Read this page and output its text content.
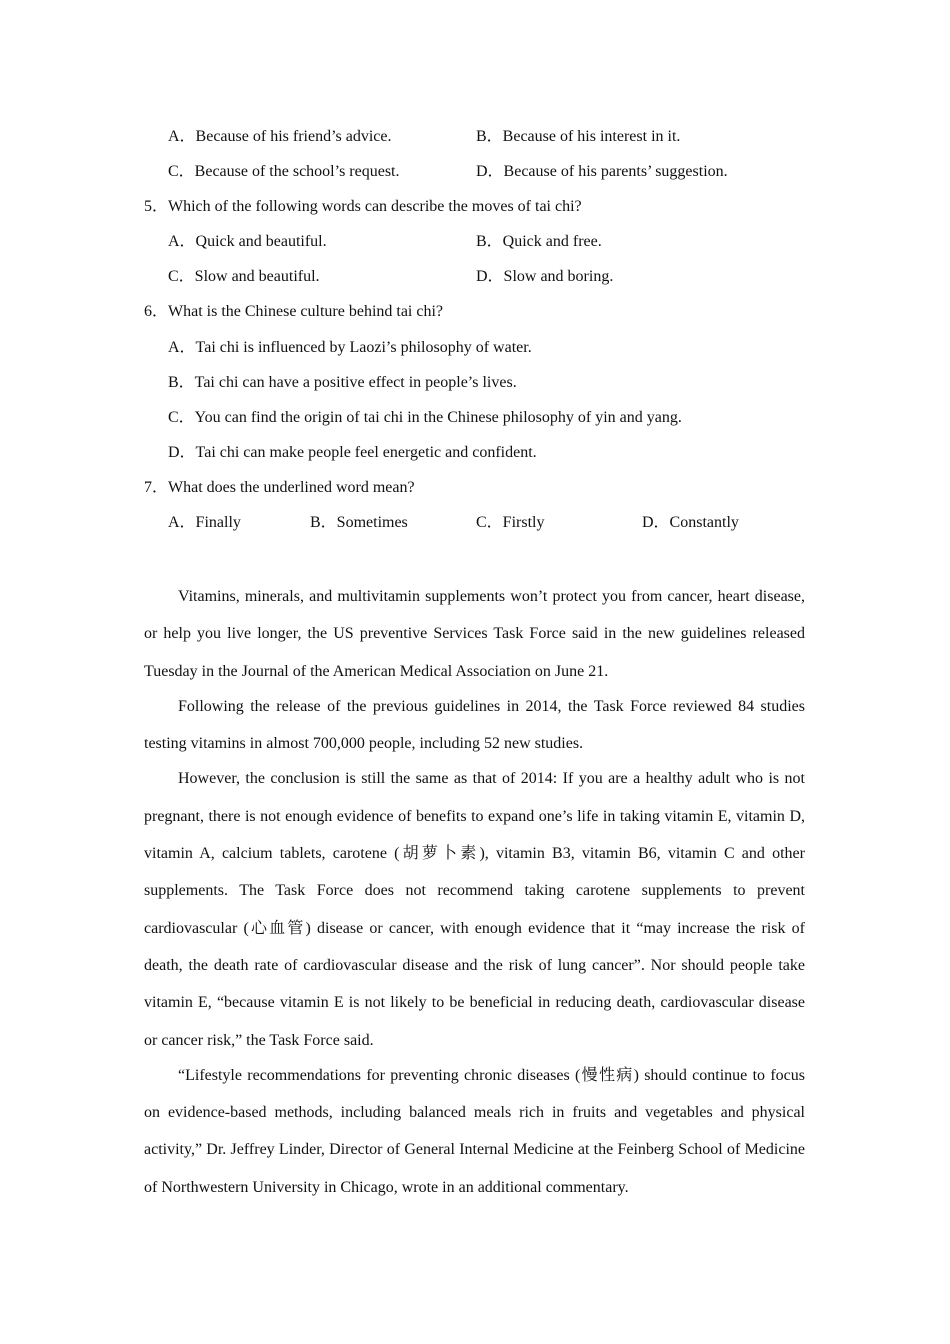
A．Because of his friend’s advice.	B．Because of his interest in it.
C．Because of the school’s request.	D．Because of his parents’ suggestion.
5．Which of the following words can describe the moves of tai chi?
A．Quick and beautiful.	B．Quick and free.
C．Slow and beautiful.	D．Slow and boring.
6．What is the Chinese culture behind tai chi?
A．Tai chi is influenced by Laozi’s philosophy of water.
B．Tai chi can have a positive effect in people’s lives.
C．You can find the origin of tai chi in the Chinese philosophy of yin and yang.
D．Tai chi can make people feel energetic and confident.
7．What does the underlined word mean?
A．Finally	B．Sometimes	C．Firstly	D．Constantly

Vitamins, minerals, and multivitamin supplements won’t protect you from cancer, heart disease, or help you live longer, the US preventive Services Task Force said in the new guidelines released Tuesday in the Journal of the American Medical Association on June 21.

Following the release of the previous guidelines in 2014, the Task Force reviewed 84 studies testing vitamins in almost 700,000 people, including 52 new studies.

However, the conclusion is still the same as that of 2014: If you are a healthy adult who is not pregnant, there is not enough evidence of benefits to expand one’s life in taking vitamin E, vitamin D, vitamin A, calcium tablets, carotene (胡萝卜素), vitamin B3, vitamin B6, vitamin C and other supplements. The Task Force does not recommend taking carotene supplements to prevent cardiovascular (心血管) disease or cancer, with enough evidence that it “may increase the risk of death, the death rate of cardiovascular disease and the risk of lung cancer”. Nor should people take vitamin E, “because vitamin E is not likely to be beneficial in reducing death, cardiovascular disease or cancer risk,” the Task Force said.

“Lifestyle recommendations for preventing chronic diseases (慢性病) should continue to focus on evidence-based methods, including balanced meals rich in fruits and vegetables and physical activity,” Dr. Jeffrey Linder, Director of General Internal Medicine at the Feinberg School of Medicine of Northwestern University in Chicago, wrote in an additional commentary.
